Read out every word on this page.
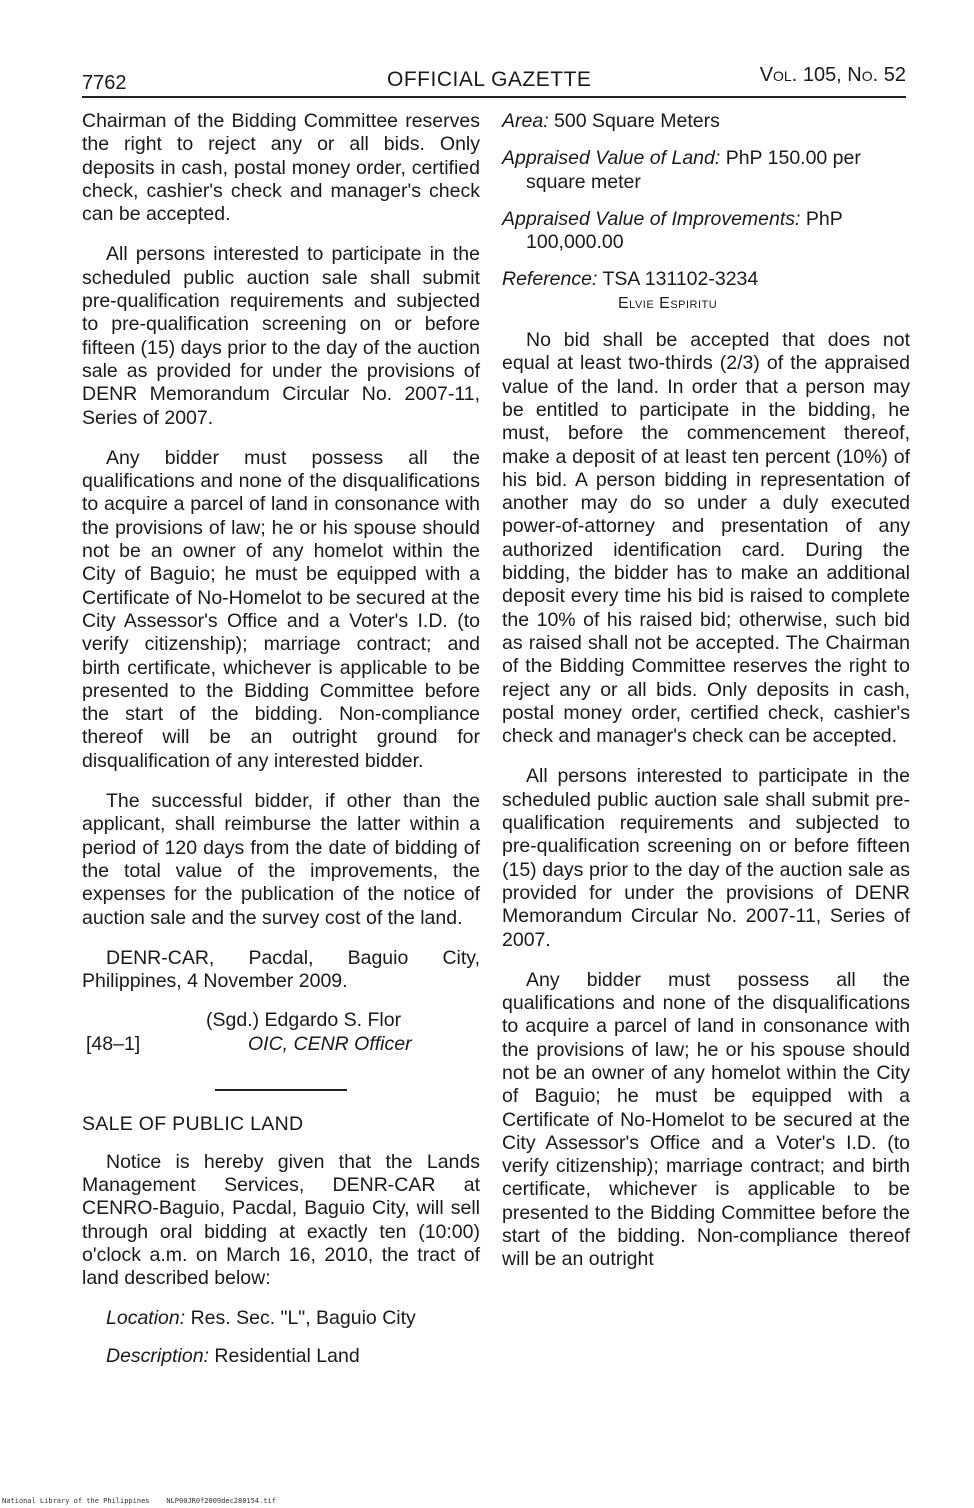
7762	OFFICIAL GAZETTE	Vol. 105, No. 52

Chairman of the Bidding Committee reserves the right to reject any or all bids. Only deposits in cash, postal money order, certified check, cashier's check and manager's check can be accepted.

All persons interested to participate in the scheduled public auction sale shall submit pre-qualification requirements and subjected to pre-qualification screening on or before fifteen (15) days prior to the day of the auction sale as provided for under the provisions of DENR Memorandum Circular No. 2007-11, Series of 2007.

Any bidder must possess all the qualifications and none of the disqualifications to acquire a parcel of land in consonance with the provisions of law; he or his spouse should not be an owner of any homelot within the City of Baguio; he must be equipped with a Certificate of No-Homelot to be secured at the City Assessor's Office and a Voter's I.D. (to verify citizenship); marriage contract; and birth certificate, whichever is applicable to be presented to the Bidding Committee before the start of the bidding. Non-compliance thereof will be an outright ground for disqualification of any interested bidder.

The successful bidder, if other than the applicant, shall reimburse the latter within a period of 120 days from the date of bidding of the total value of the improvements, the expenses for the publication of the notice of auction sale and the survey cost of the land.

DENR-CAR, Pacdal, Baguio City, Philippines, 4 November 2009.

(Sgd.) Edgardo S. Flor
[48–1]	OIC, CENR Officer

SALE OF PUBLIC LAND

Notice is hereby given that the Lands Management Services, DENR-CAR at CENRO-Baguio, Pacdal, Baguio City, will sell through oral bidding at exactly ten (10:00) o'clock a.m. on March 16, 2010, the tract of land described below:

Location: Res. Sec. "L", Baguio City

Description: Residential Land

Area: 500 Square Meters

Appraised Value of Land: PhP 150.00 per square meter

Appraised Value of Improvements: PhP 100,000.00

Reference: TSA 131102-3234
Elvie Espiritu

No bid shall be accepted that does not equal at least two-thirds (2/3) of the appraised value of the land. In order that a person may be entitled to participate in the bidding, he must, before the commencement thereof, make a deposit of at least ten percent (10%) of his bid. A person bidding in representation of another may do so under a duly executed power-of-attorney and presentation of any authorized identification card. During the bidding, the bidder has to make an additional deposit every time his bid is raised to complete the 10% of his raised bid; otherwise, such bid as raised shall not be accepted. The Chairman of the Bidding Committee reserves the right to reject any or all bids. Only deposits in cash, postal money order, certified check, cashier's check and manager's check can be accepted.

All persons interested to participate in the scheduled public auction sale shall submit pre-qualification requirements and subjected to pre-qualification screening on or before fifteen (15) days prior to the day of the auction sale as provided for under the provisions of DENR Memorandum Circular No. 2007-11, Series of 2007.

Any bidder must possess all the qualifications and none of the disqualifications to acquire a parcel of land in consonance with the provisions of law; he or his spouse should not be an owner of any homelot within the City of Baguio; he must be equipped with a Certificate of No-Homelot to be secured at the City Assessor's Office and a Voter's I.D. (to verify citizenship); marriage contract; and birth certificate, whichever is applicable to be presented to the Bidding Committee before the start of the bidding. Non-compliance thereof will be an outright

National Library of the Philippines    NLP00JR0f2009dec280154.tif
